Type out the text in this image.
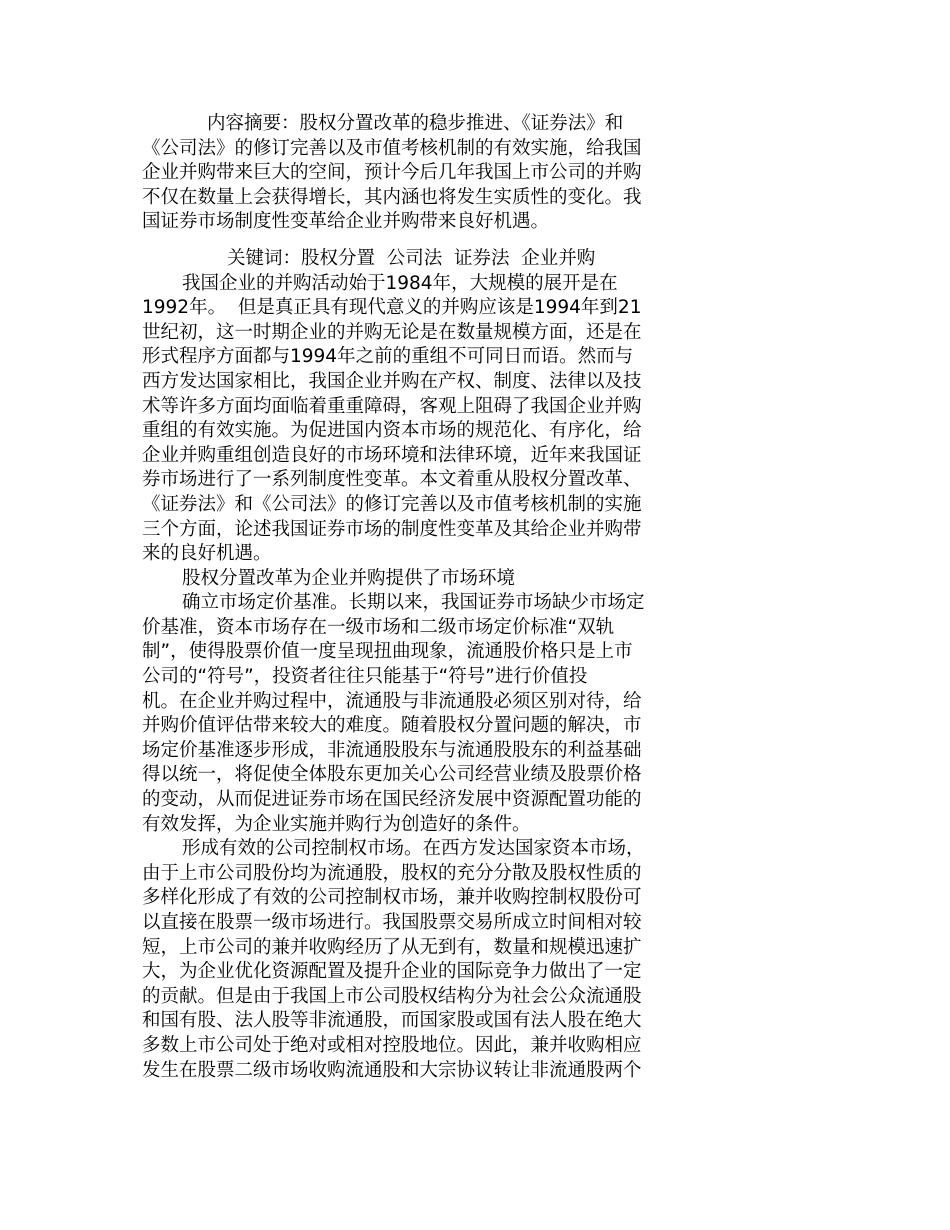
内容摘要：股权分置改革的稳步推进、《证券法》和
《公司法》的修订完善以及市值考核机制的有效实施，给我国
企业并购带来巨大的空间，预计今后几年我国上市公司的并购
不仅在数量上会获得增长，其内涵也将发生实质性的变化。我
国证券市场制度性变革给企业并购带来良好机遇。
关键词：股权分置  公司法  证券法  企业并购
我国企业的并购活动始于1984年，大规模的展开是在
1992年。  但是真正具有现代意义的并购应该是1994年到21
世纪初，这一时期企业的并购无论是在数量规模方面，还是在
形式程序方面都与1994年之前的重组不可同日而语。然而与
西方发达国家相比，我国企业并购在产权、制度、法律以及技
术等许多方面均面临着重重障碍，客观上阻碍了我国企业并购
重组的有效实施。为促进国内资本市场的规范化、有序化，给
企业并购重组创造良好的市场环境和法律环境，近年来我国证
券市场进行了一系列制度性变革。本文着重从股权分置改革、
《证券法》和《公司法》的修订完善以及市值考核机制的实施
三个方面，论述我国证券市场的制度性变革及其给企业并购带
来的良好机遇。
股权分置改革为企业并购提供了市场环境
确立市场定价基准。长期以来，我国证券市场缺少市场定
价基准，资本市场存在一级市场和二级市场定价标准“双轨
制”，使得股票价值一度呈现扭曲现象，流通股价格只是上市
公司的“符号”，投资者往往只能基于“符号”进行价值投
机。在企业并购过程中，流通股与非流通股必须区别对待，给
并购价值评估带来较大的难度。随着股权分置问题的解决，市
场定价基准逐步形成，非流通股股东与流通股股东的利益基础
得以统一，将促使全体股东更加关心公司经营业绩及股票价格
的变动，从而促进证券市场在国民经济发展中资源配置功能的
有效发挥，为企业实施并购行为创造好的条件。
形成有效的公司控制权市场。在西方发达国家资本市场，
由于上市公司股份均为流通股，股权的充分分散及股权性质的
多样化形成了有效的公司控制权市场，兼并收购控制权股份可
以直接在股票一级市场进行。我国股票交易所成立时间相对较
短，上市公司的兼并收购经历了从无到有，数量和规模迅速扩
大，为企业优化资源配置及提升企业的国际竞争力做出了一定
的贡献。但是由于我国上市公司股权结构分为社会公众流通股
和国有股、法人股等非流通股，而国家股或国有法人股在绝大
多数上市公司处于绝对或相对控股地位。因此，兼并收购相应
发生在股票二级市场收购流通股和大宗协议转让非流通股两个
